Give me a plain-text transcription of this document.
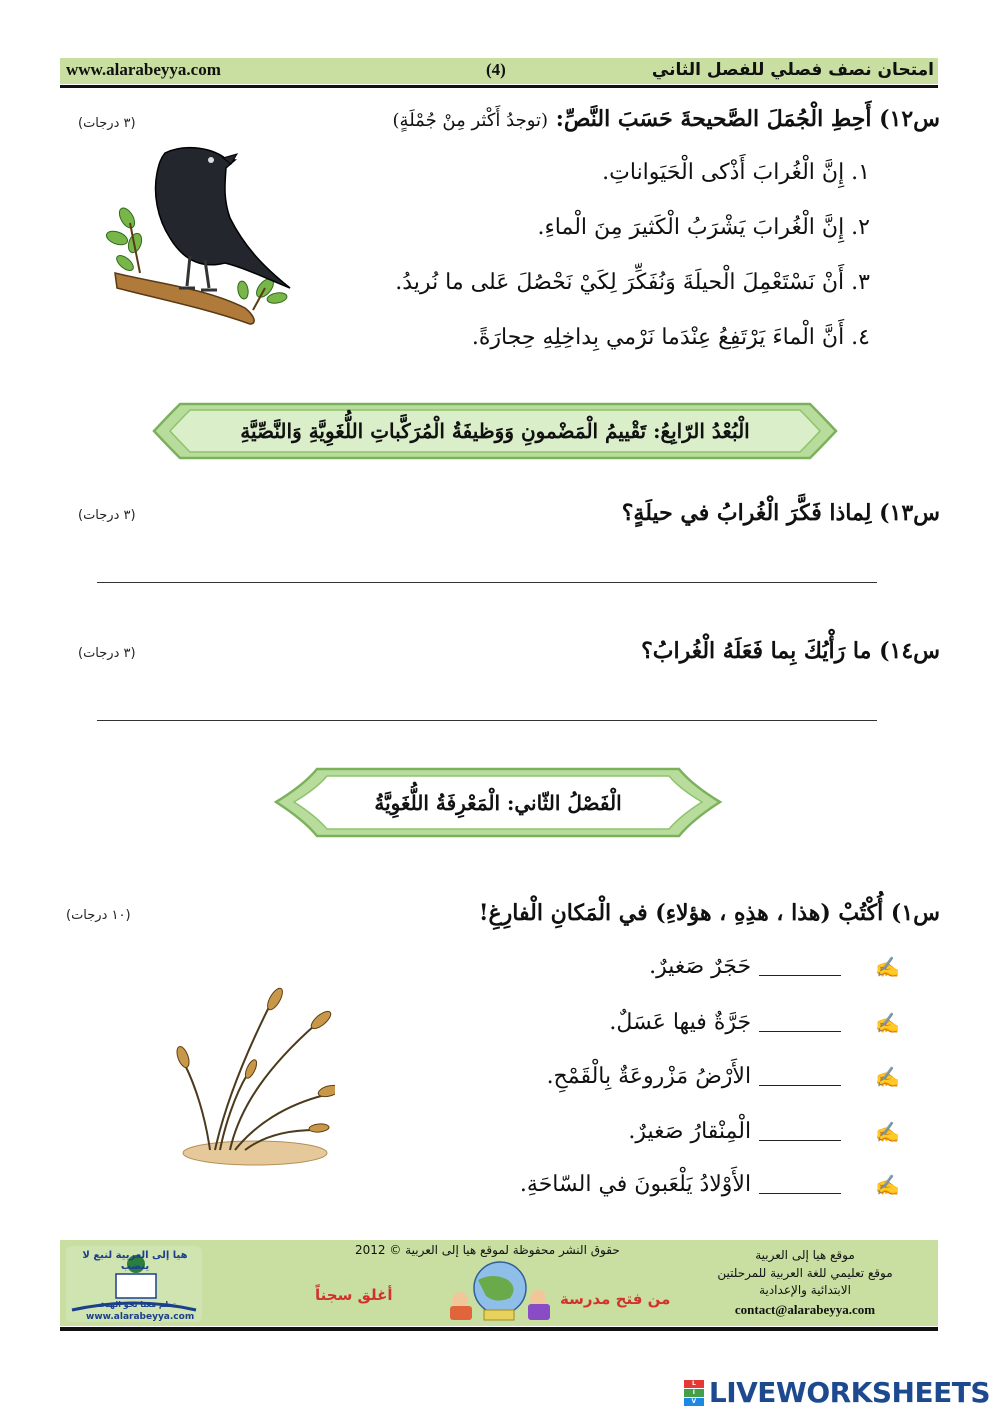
www.alarabeyya.com	(4)	امتحان نصف فصلي للفصل الثاني
س١٢) أَحِطِ الْجُمَلَ الصَّحيحةَ حَسَبَ النَّصِّ: (توجدُ أَكْثر مِنْ جُمْلَةٍ)
(٣ درجات)
١. إِنَّ الْغُرابَ أَذْكى الْحَيَواناتِ.
٢. إِنَّ الْغُرابَ يَشْرَبُ الْكَثيرَ مِنَ الْماءِ.
٣. أَنْ نَسْتَعْمِلَ الْحيلَةَ وَنُفَكِّرَ لِكَيْ نَحْصُلَ عَلى ما نُريدُ.
٤. أَنَّ الْماءَ يَرْتَفِعُ عِنْدَما نَرْمي بِداخِلِهِ حِجارَةً.
الْبُعْدُ الرّابِعُ: تَقْييمُ الْمَضْمونِ وَوَظيفَةُ الْمُرَكَّباتِ اللُّغَوِيَّةِ وَالنَّصِّيَّةِ
س١٣) لِماذا فَكَّرَ الْغُرابُ في حيلَةٍ؟
(٣ درجات)
س١٤) ما رَأْيُكَ بِما فَعَلَهُ الْغُرابُ؟
(٣ درجات)
الْفَصْلُ الثّاني: الْمَعْرِفَةُ اللُّغَوِيَّةُ
س١) أُكْتُبْ (هذا ، هذِهِ ، هؤلاءِ) في الْمَكانِ الْفارِغِ!
(١٠ درجات)
✍
حَجَرٌ صَغيرٌ.
✍
جَرَّةٌ فيها عَسَلٌ.
✍
الأَرْضُ مَزْروعَةٌ بِالْقَمْحِ.
✍
الْمِنْقارُ صَغيرٌ.
✍
الأَوْلادُ يَلْعَبونَ في السّاحَةِ.
حقوق النشر محفوظة لموقع هيا إلى العربية © 2012	موقع هيا إلى العربية
موقع تعليمي للغة العربية للمرحلتين
الابتدائية والإعدادية
contact@alarabeyya.com
من فتح مدرسة
أغلق سجناً
هيا إلى العربية لنبع لا ينضب
تعلم معنا نحو الهدف
www.alarabeyya.com
L
I
V LIVEWORKSHEETS
